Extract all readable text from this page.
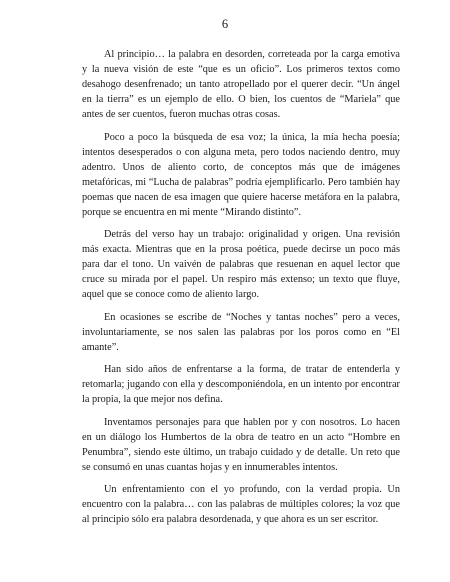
6

Al principio… la palabra en desorden, correteada por la carga emotiva y la nueva visión de este “que es un oficio”. Los primeros textos como desahogo desenfrenado; un tanto atropellado por el querer decir. “Un ángel en la tierra” es un ejemplo de ello. O bien, los cuentos de “Mariela” que antes de ser cuentos, fueron muchas otras cosas.

Poco a poco la búsqueda de esa voz; la única, la mía hecha poesía; intentos desesperados o con alguna meta, pero todos naciendo dentro, muy adentro. Unos de aliento corto, de conceptos más que de imágenes metafóricas, mi “Lucha de palabras” podría ejemplificarlo. Pero también hay poemas que nacen de esa imagen que quiere hacerse metáfora en la palabra, porque se encuentra en mi mente “Mirando distinto”.

Detrás del verso hay un trabajo: originalidad y origen. Una revisión más exacta. Mientras que en la prosa poética, puede decirse un poco más para dar el tono. Un vaivén de palabras que resuenan en aquel lector que cruce su mirada por el papel. Un respiro más extenso; un texto que fluye, aquel que se conoce como de aliento largo.

En ocasiones se escribe de “Noches y tantas noches” pero a veces, involuntariamente, se nos salen las palabras por los poros como en “El amante”.

Han sido años de enfrentarse a la forma, de tratar de entenderla y retomarla; jugando con ella y descomponiéndola, en un intento por encontrar la propia, la que mejor nos defina.

Inventamos personajes para que hablen por y con nosotros. Lo hacen en un diálogo los Humbertos de la obra de teatro en un acto “Hombre en Penumbra”, siendo este último, un trabajo cuidado y de detalle. Un reto que se consumó en unas cuantas hojas y en innumerables intentos.

Un enfrentamiento con el yo profundo, con la verdad propia. Un encuentro con la palabra… con las palabras de múltiples colores; la voz que al principio sólo era palabra desordenada, y que ahora es un ser escritor.
